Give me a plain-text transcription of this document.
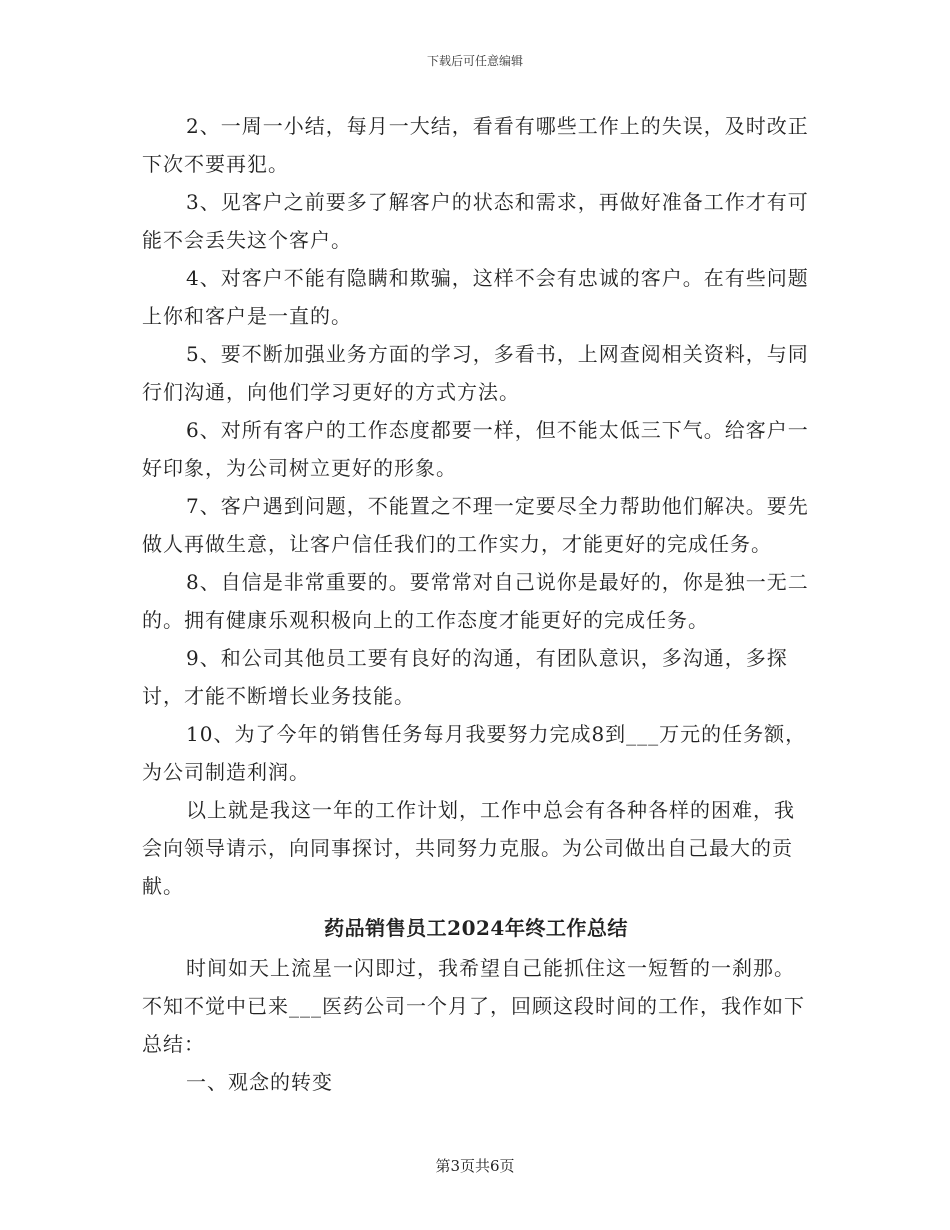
下载后可任意编辑

2、一周一小结，每月一大结，看看有哪些工作上的失误，及时改正下次不要再犯。

3、见客户之前要多了解客户的状态和需求，再做好准备工作才有可能不会丢失这个客户。

4、对客户不能有隐瞒和欺骗，这样不会有忠诚的客户。在有些问题上你和客户是一直的。

5、要不断加强业务方面的学习，多看书，上网查阅相关资料，与同行们沟通，向他们学习更好的方式方法。

6、对所有客户的工作态度都要一样，但不能太低三下气。给客户一好印象，为公司树立更好的形象。

7、客户遇到问题，不能置之不理一定要尽全力帮助他们解决。要先做人再做生意，让客户信任我们的工作实力，才能更好的完成任务。

8、自信是非常重要的。要常常对自己说你是最好的，你是独一无二的。拥有健康乐观积极向上的工作态度才能更好的完成任务。

9、和公司其他员工要有良好的沟通，有团队意识，多沟通，多探讨，才能不断增长业务技能。

10、为了今年的销售任务每月我要努力完成8到___万元的任务额，为公司制造利润。

以上就是我这一年的工作计划，工作中总会有各种各样的困难，我会向领导请示，向同事探讨，共同努力克服。为公司做出自己最大的贡献。

药品销售员工2024年终工作总结

时间如天上流星一闪即过，我希望自己能抓住这一短暂的一刹那。不知不觉中已来___医药公司一个月了，回顾这段时间的工作，我作如下总结：

一、观念的转变

第3页共6页
